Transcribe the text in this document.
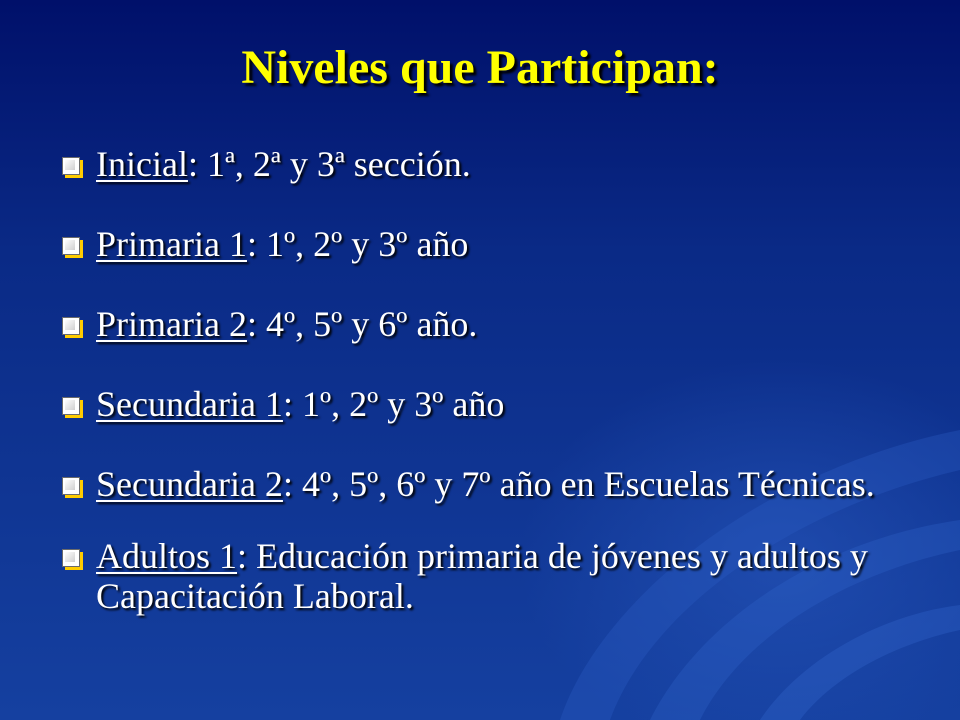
Niveles que Participan:
Inicial: 1ª, 2ª y 3ª sección.
Primaria 1: 1º, 2º y 3º año
Primaria 2: 4º, 5º y 6º año.
Secundaria 1: 1º, 2º y 3º año
Secundaria 2: 4º, 5º, 6º y 7º año en Escuelas Técnicas.
Adultos 1: Educación primaria de jóvenes y adultos y Capacitación Laboral.
